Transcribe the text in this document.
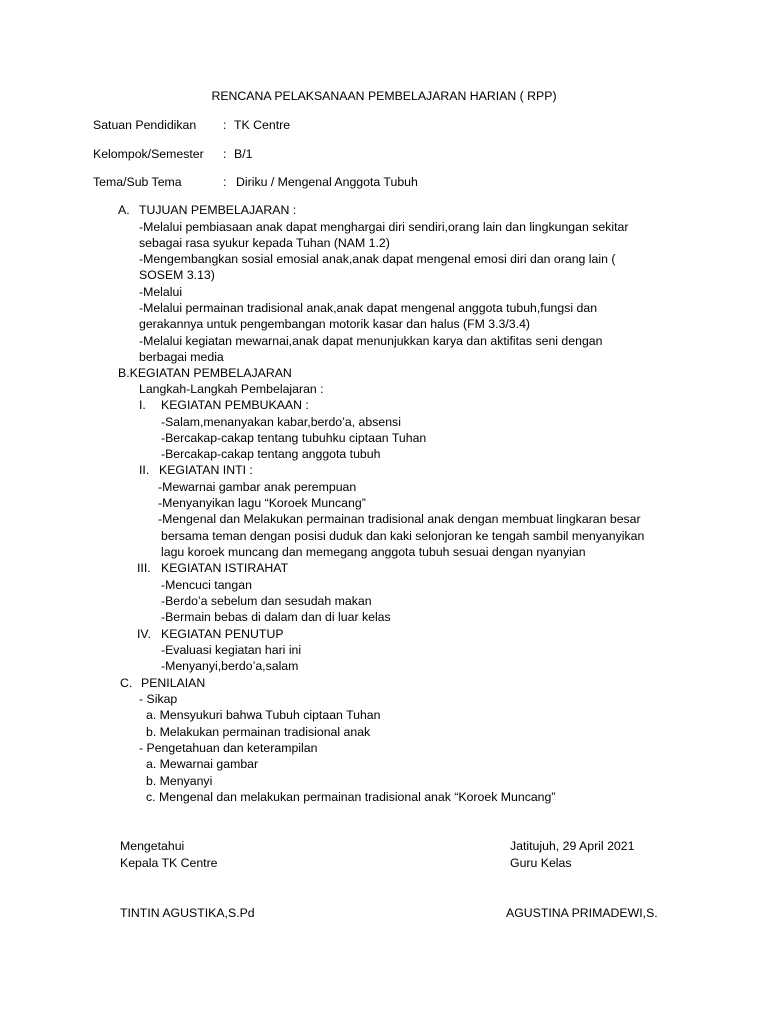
RENCANA PELAKSANAAN PEMBELAJARAN HARIAN ( RPP)
Satuan Pendidikan : TK Centre
Kelompok/Semester : B/1
Tema/Sub Tema	: Diriku / Mengenal Anggota Tubuh
A. TUJUAN PEMBELAJARAN :
-Melalui pembiasaan anak dapat menghargai diri sendiri,orang lain dan lingkungan sekitar
sebagai rasa syukur kepada Tuhan (NAM 1.2)
-Mengembangkan sosial emosial anak,anak dapat mengenal emosi diri dan orang lain (
SOSEM 3.13)
-Melalui
-Melalui permainan tradisional anak,anak dapat mengenal anggota tubuh,fungsi dan
gerakannya untuk pengembangan motorik kasar dan halus (FM 3.3/3.4)
-Melalui kegiatan mewarnai,anak dapat menunjukkan karya dan aktifitas seni dengan
berbagai media
B.KEGIATAN PEMBELAJARAN
Langkah-Langkah Pembelajaran :
I. KEGIATAN PEMBUKAAN :
-Salam,menanyakan kabar,berdo’a, absensi
-Bercakap-cakap tentang tubuhku ciptaan Tuhan
-Bercakap-cakap tentang anggota tubuh
II. KEGIATAN INTI :
-Mewarnai gambar anak perempuan
-Menyanyikan lagu “Koroek Muncang”
-Mengenal dan Melakukan permainan tradisional anak dengan membuat lingkaran besar
bersama teman dengan posisi duduk dan kaki selonjoran ke tengah sambil menyanyikan
lagu koroek muncang dan memegang anggota tubuh sesuai dengan nyanyian
III. KEGIATAN ISTIRAHAT
-Mencuci tangan
-Berdo’a sebelum dan sesudah makan
-Bermain bebas di dalam dan di luar kelas
IV. KEGIATAN PENUTUP
-Evaluasi kegiatan hari ini
-Menyanyi,berdo’a,salam
C. PENILAIAN
- Sikap
a. Mensyukuri bahwa Tubuh ciptaan Tuhan
b. Melakukan permainan tradisional anak
- Pengetahuan dan keterampilan
a. Mewarnai gambar
b. Menyanyi
c. Mengenal dan melakukan permainan tradisional anak “Koroek Muncang”
Mengetahui
Kepala TK Centre
TINTIN AGUSTIKA,S.Pd
Jatitujuh, 29 April 2021
Guru Kelas
AGUSTINA PRIMADEWI,S.
